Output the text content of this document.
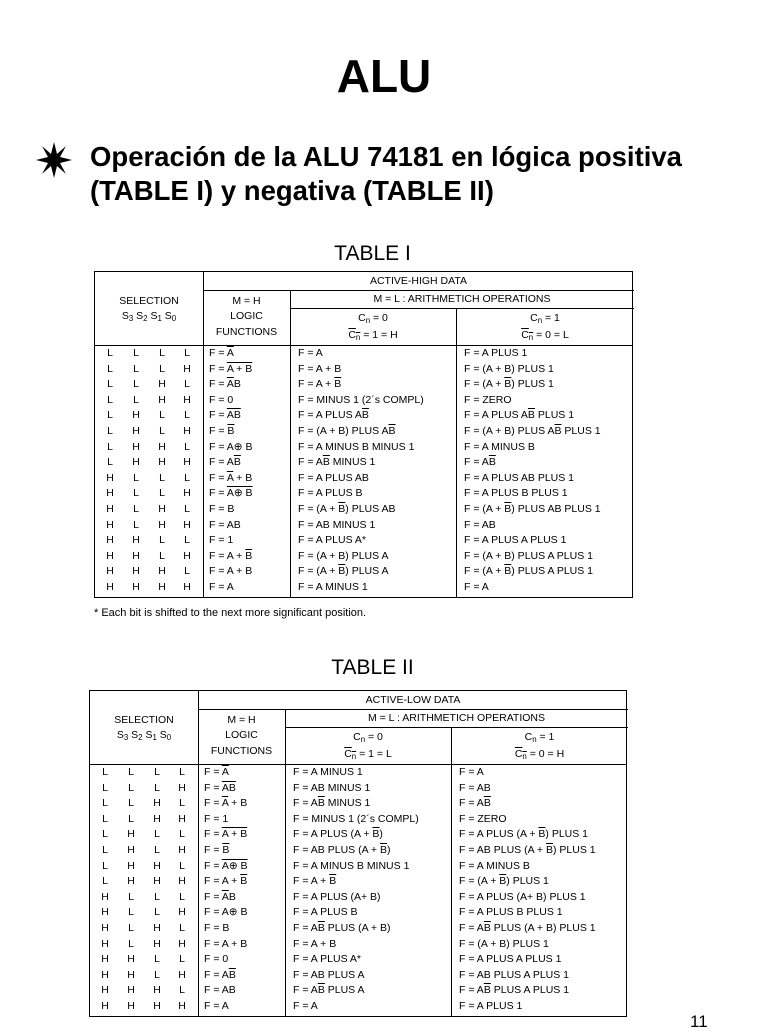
ALU
Operación de la ALU 74181 en lógica positiva
(TABLE I) y negativa (TABLE II)
TABLE I
SELECTION
$S_3$ $S_2$ $S_1$ $S_0$
ACTIVE-HIGH DATA
M = H
LOGIC
FUNCTIONS
M = L : ARITHMETICH OPERATIONS
$C_n = 0$
$C_n = 1 = H$
$C_n = 1$
$C_n = 0 = L$
L	L	L	L	$F = \overline{A}$	F = A	F = A PLUS 1
L	L	L	H	F = A + B	F = A + B	F = (A + B) PLUS 1
L	L	H	L	$F = \overline{A}B$	$F = A + \overline{B}$	$F = (A + \overline{B})$ PLUS 1
L	L	H	H	F = 0	F = MINUS 1 (2´s COMPL)	F = ZERO
L	H	L	L	$F = \overline{AB}$	F = A PLUS $A\overline{B}$	F = A PLUS $A\overline{B}$ PLUS 1
L	H	L	H	$F = \overline{B}$	F = (A + B) PLUS $A\overline{B}$	F = (A + B) PLUS $A\overline{B}$ PLUS 1
L	H	H	L	F = A⊕ B	F = A MINUS B MINUS 1	F = A MINUS B
L	H	H	H	$F = A\overline{B}$	$F = A\overline{B}$ MINUS 1	$F = A\overline{B}$
H	L	L	L	$F = \overline{A} + B$	F = A PLUS AB	F = A PLUS AB PLUS 1
H	L	L	H	F = A⊕ B	F = A PLUS B	F = A PLUS B PLUS 1
H	L	H	L	F = B	$F = (A + \overline{B})$ PLUS AB	$F = (A + \overline{B})$ PLUS AB PLUS 1
H	L	H	H	F = AB	F = AB MINUS 1	F = AB
H	H	L	L	F = 1	F = A PLUS A*	F = A PLUS A PLUS 1
H	H	L	H	$F = A + \overline{B}$	F = (A + B) PLUS A	F = (A + B) PLUS A PLUS 1
H	H	H	L	F = A + B	$F = (A + \overline{B})$ PLUS A	$F = (A + \overline{B})$ PLUS A PLUS 1
H	H	H	H	F = A	F = A MINUS 1	F = A
* Each bit is shifted to the next more significant position.
TABLE II
SELECTION
$S_3$ $S_2$ $S_1$ $S_0$
ACTIVE-LOW DATA
M = H
LOGIC
FUNCTIONS
M = L : ARITHMETICH OPERATIONS
$C_n = 0$
$C_n = 1 = L$
$C_n = 1$
$C_n = 0 = H$
L	L	L	L	$F = \overline{A}$	F = A MINUS 1	F = A
L	L	L	H	$F = \overline{AB}$	F = AB MINUS 1	F = AB
L	L	H	L	$F = \overline{A} + B$	$F = A\overline{B}$ MINUS 1	$F = A\overline{B}$
L	L	H	H	F = 1	F = MINUS 1 (2´s COMPL)	F = ZERO
L	H	L	L	F = A + B	F = A PLUS $(A + \overline{B})$	F = A PLUS $(A + \overline{B})$ PLUS 1
L	H	L	H	$F = \overline{B}$	F = AB PLUS $(A + \overline{B})$	F = AB PLUS $(A + \overline{B})$ PLUS 1
L	H	H	L	F = A⊕ B	F = A MINUS B MINUS 1	F = A MINUS B
L	H	H	H	$F = A + \overline{B}$	$F = A + \overline{B}$	$F = (A + \overline{B})$ PLUS 1
H	L	L	L	$F = \overline{A}B$	F = A PLUS (A+ B)	F = A PLUS (A+ B) PLUS 1
H	L	L	H	F = A⊕ B	F = A PLUS B	F = A PLUS B PLUS 1
H	L	H	L	F = B	$F = A\overline{B}$ PLUS (A + B)	$F = A\overline{B}$ PLUS (A + B) PLUS 1
H	L	H	H	F = A + B	F = A + B	F = (A + B) PLUS 1
H	H	L	L	F = 0	F = A PLUS A*	F = A PLUS A PLUS 1
H	H	L	H	$F = A\overline{B}$	F = AB PLUS A	F = AB PLUS A PLUS 1
H	H	H	L	F = AB	$F = A\overline{B}$ PLUS A	$F = A\overline{B}$ PLUS A PLUS 1
H	H	H	H	F = A	F = A	F = A PLUS 1
11
